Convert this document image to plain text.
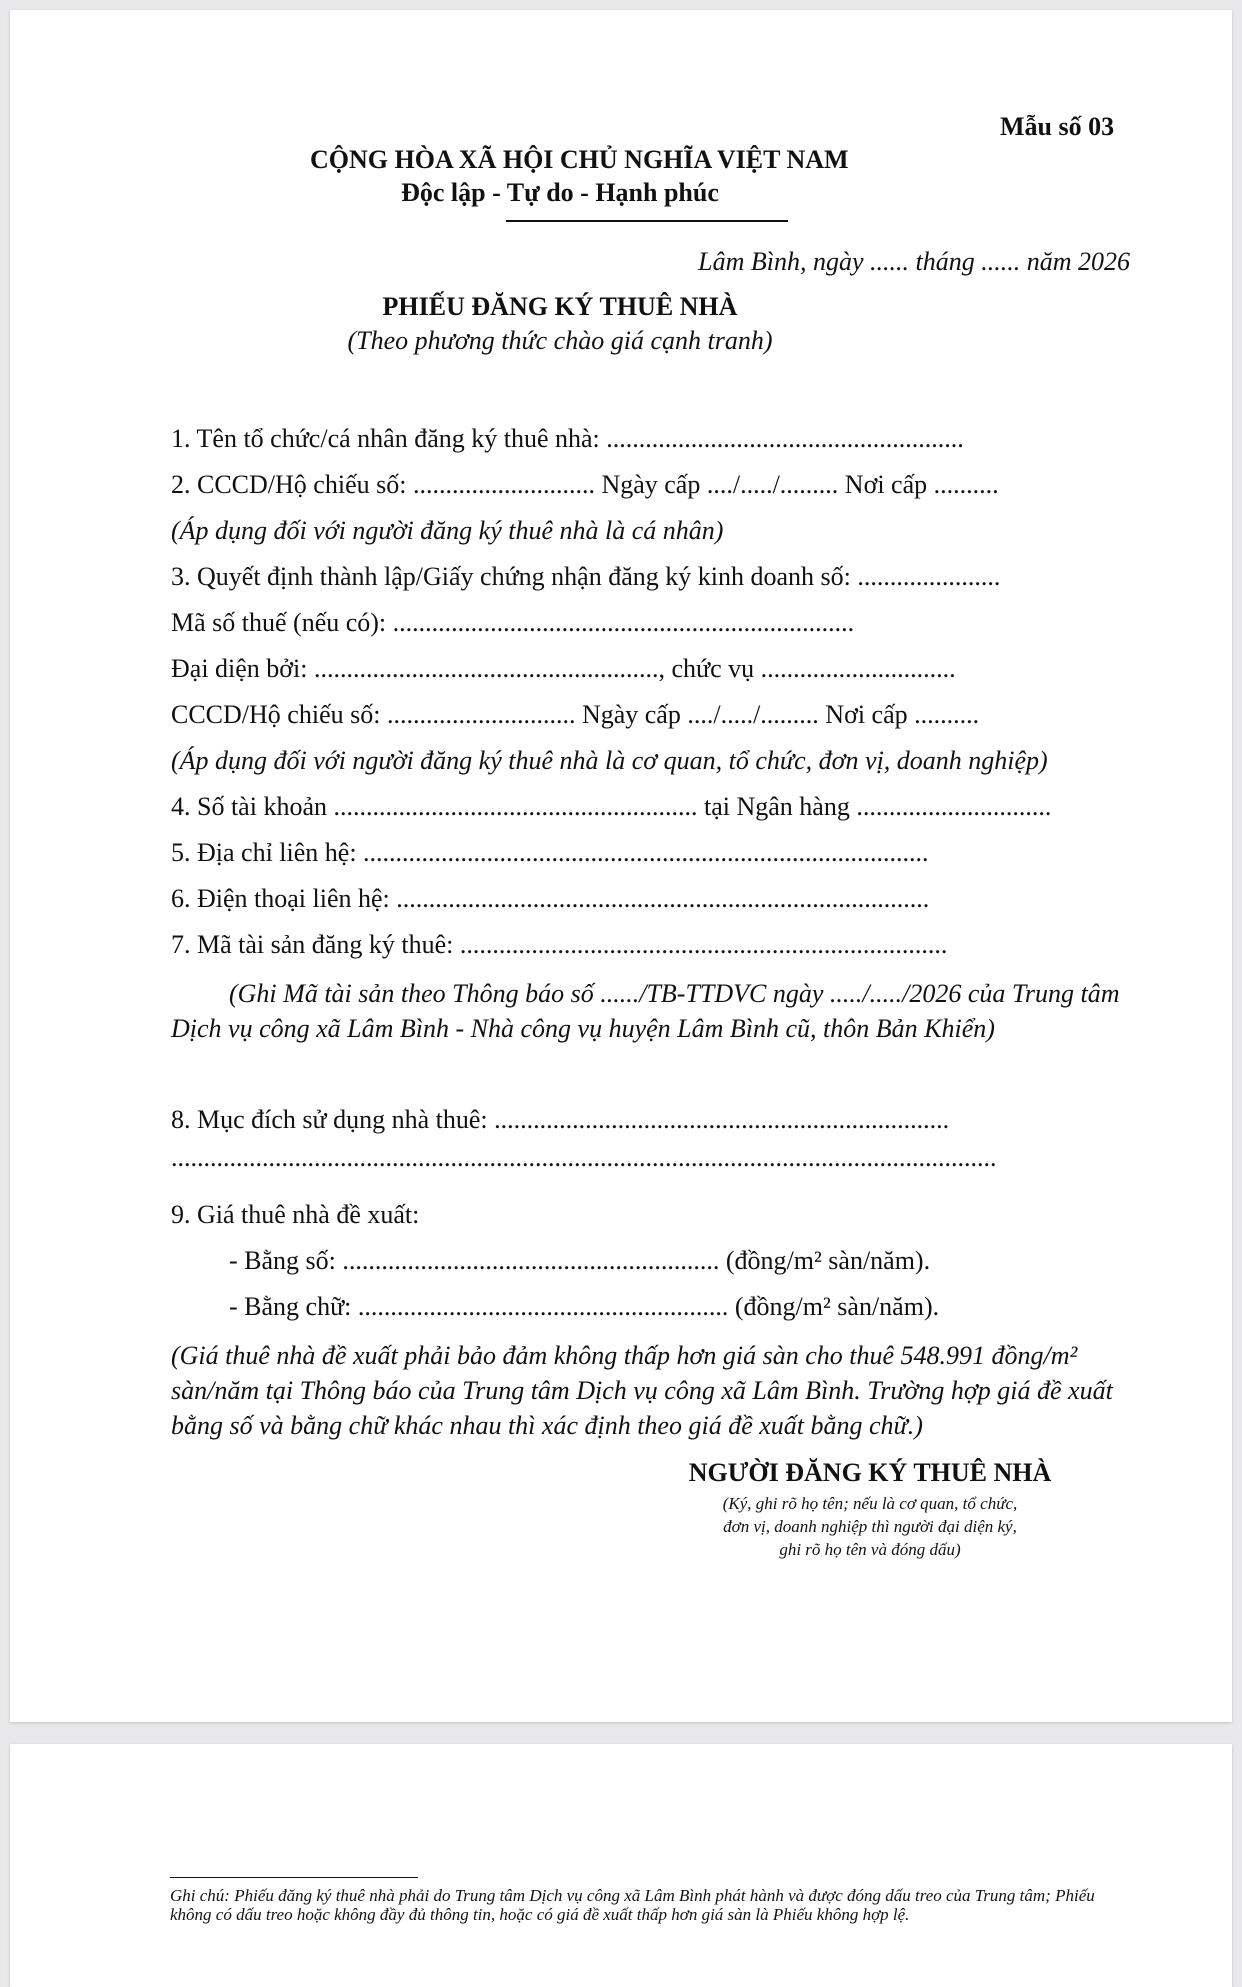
Mẫu số 03
CỘNG HÒA XÃ HỘI CHỦ NGHĨA VIỆT NAM
Độc lập - Tự do - Hạnh phúc
Lâm Bình, ngày ...... tháng ...... năm 2026
PHIẾU ĐĂNG KÝ THUÊ NHÀ
(Theo phương thức chào giá cạnh tranh)
1. Tên tổ chức/cá nhân đăng ký thuê nhà: .......................................................
2. CCCD/Hộ chiếu số: ............................ Ngày cấp ..../...../......... Nơi cấp ..........
(Áp dụng đối với người đăng ký thuê nhà là cá nhân)
3. Quyết định thành lập/Giấy chứng nhận đăng ký kinh doanh số: ......................
Mã số thuế (nếu có): .......................................................................
Đại diện bởi: ....................................................., chức vụ ..............................
CCCD/Hộ chiếu số: ............................. Ngày cấp ..../...../......... Nơi cấp ..........
(Áp dụng đối với người đăng ký thuê nhà là cơ quan, tổ chức, đơn vị, doanh nghiệp)
4. Số tài khoản ........................................................ tại Ngân hàng ..............................
5. Địa chỉ liên hệ: .......................................................................................
6. Điện thoại liên hệ: ..................................................................................
7. Mã tài sản đăng ký thuê: ...........................................................................
(Ghi Mã tài sản theo Thông báo số ....../TB-TTDVC ngày ...../...../2026 của Trung tâm Dịch vụ công xã Lâm Bình - Nhà công vụ huyện Lâm Bình cũ, thôn Bản Khiển)
8. Mục đích sử dụng nhà thuê: ......................................................................
...............................................................................................................................
9. Giá thuê nhà đề xuất:
- Bằng số: .......................................................... (đồng/m² sàn/năm).
- Bằng chữ: ......................................................... (đồng/m² sàn/năm).
(Giá thuê nhà đề xuất phải bảo đảm không thấp hơn giá sàn cho thuê 548.991 đồng/m² sàn/năm tại Thông báo của Trung tâm Dịch vụ công xã Lâm Bình. Trường hợp giá đề xuất bằng số và bằng chữ khác nhau thì xác định theo giá đề xuất bằng chữ.)
NGƯỜI ĐĂNG KÝ THUÊ NHÀ
(Ký, ghi rõ họ tên; nếu là cơ quan, tổ chức,
đơn vị, doanh nghiệp thì người đại diện ký,
ghi rõ họ tên và đóng dấu)
Ghi chú: Phiếu đăng ký thuê nhà phải do Trung tâm Dịch vụ công xã Lâm Bình phát hành và được đóng dấu treo của Trung tâm; Phiếu không có dấu treo hoặc không đầy đủ thông tin, hoặc có giá đề xuất thấp hơn giá sàn là Phiếu không hợp lệ.
